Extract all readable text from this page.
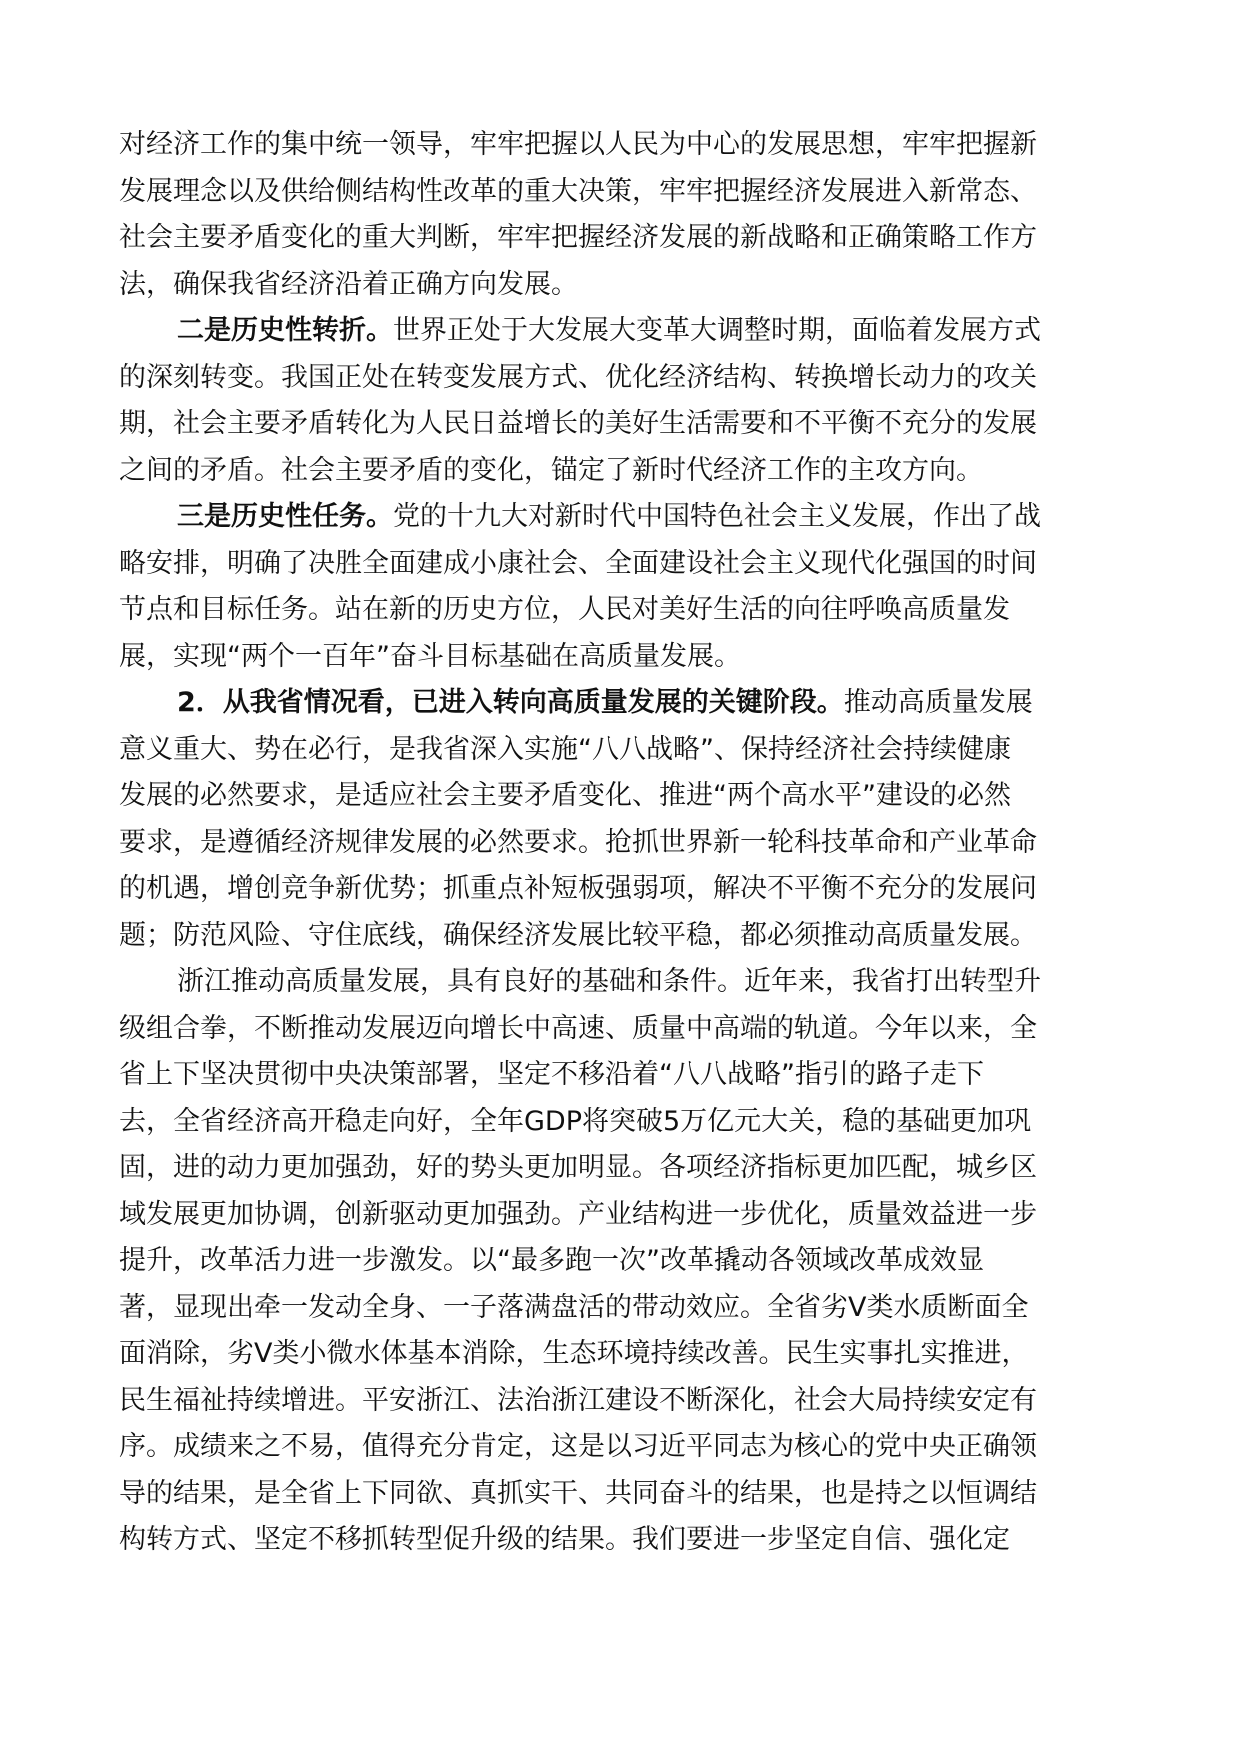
对经济工作的集中统一领导，牢牢把握以人民为中心的发展思想，牢牢把握新
发展理念以及供给侧结构性改革的重大决策，牢牢把握经济发展进入新常态、
社会主要矛盾变化的重大判断，牢牢把握经济发展的新战略和正确策略工作方
法，确保我省经济沿着正确方向发展。
二是历史性转折。世界正处于大发展大变革大调整时期，面临着发展方式
的深刻转变。我国正处在转变发展方式、优化经济结构、转换增长动力的攻关
期，社会主要矛盾转化为人民日益增长的美好生活需要和不平衡不充分的发展
之间的矛盾。社会主要矛盾的变化，锚定了新时代经济工作的主攻方向。
三是历史性任务。党的十九大对新时代中国特色社会主义发展，作出了战
略安排，明确了决胜全面建成小康社会、全面建设社会主义现代化强国的时间
节点和目标任务。站在新的历史方位，人民对美好生活的向往呼唤高质量发
展，实现“两个一百年”奋斗目标基础在高质量发展。
2．从我省情况看，已进入转向高质量发展的关键阶段。推动高质量发展
意义重大、势在必行，是我省深入实施“八八战略”、保持经济社会持续健康
发展的必然要求，是适应社会主要矛盾变化、推进“两个高水平”建设的必然
要求，是遵循经济规律发展的必然要求。抢抓世界新一轮科技革命和产业革命
的机遇，增创竞争新优势；抓重点补短板强弱项，解决不平衡不充分的发展问
题；防范风险、守住底线，确保经济发展比较平稳，都必须推动高质量发展。
浙江推动高质量发展，具有良好的基础和条件。近年来，我省打出转型升
级组合拳，不断推动发展迈向增长中高速、质量中高端的轨道。今年以来，全
省上下坚决贯彻中央决策部署，坚定不移沿着“八八战略”指引的路子走下
去，全省经济高开稳走向好，全年GDP将突破5万亿元大关，稳的基础更加巩
固，进的动力更加强劲，好的势头更加明显。各项经济指标更加匹配，城乡区
域发展更加协调，创新驱动更加强劲。产业结构进一步优化，质量效益进一步
提升，改革活力进一步激发。以“最多跑一次”改革撬动各领域改革成效显
著，显现出牵一发动全身、一子落满盘活的带动效应。全省劣Ⅴ类水质断面全
面消除，劣Ⅴ类小微水体基本消除，生态环境持续改善。民生实事扎实推进，
民生福祉持续增进。平安浙江、法治浙江建设不断深化，社会大局持续安定有
序。成绩来之不易，值得充分肯定，这是以习近平同志为核心的党中央正确领
导的结果，是全省上下同欲、真抓实干、共同奋斗的结果，也是持之以恒调结
构转方式、坚定不移抓转型促升级的结果。我们要进一步坚定自信、强化定
